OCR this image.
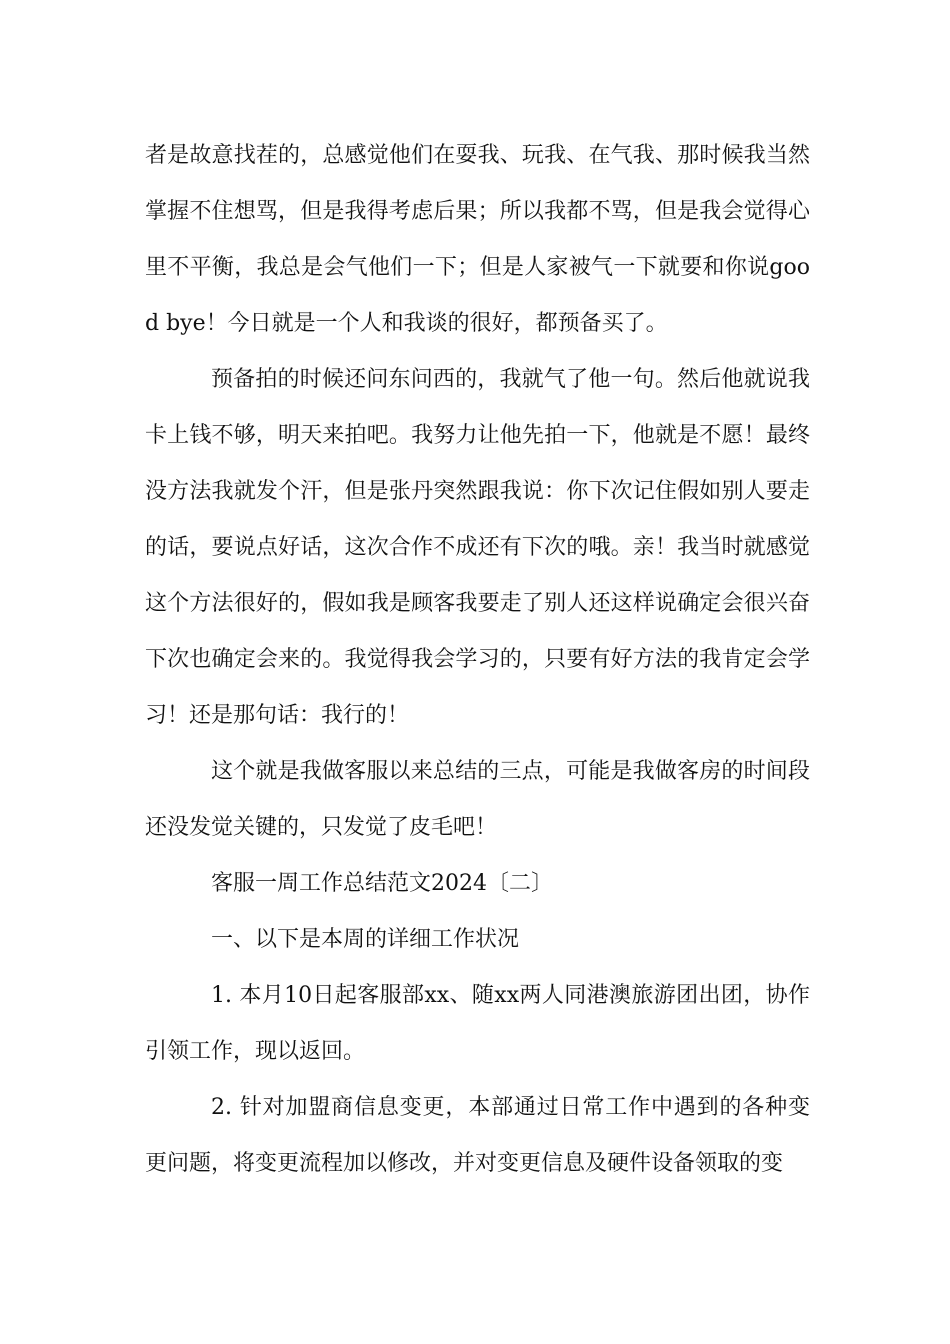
者是故意找茬的，总感觉他们在耍我、玩我、在气我、那时候我当然掌握不住想骂，但是我得考虑后果；所以我都不骂，但是我会觉得心里不平衡，我总是会气他们一下；但是人家被气一下就要和你说good bye！今日就是一个人和我谈的很好，都预备买了。

预备拍的时候还问东问西的，我就气了他一句。然后他就说我卡上钱不够，明天来拍吧。我努力让他先拍一下，他就是不愿！最终没方法我就发个汗，但是张丹突然跟我说：你下次记住假如别人要走的话，要说点好话，这次合作不成还有下次的哦。亲！我当时就感觉这个方法很好的，假如我是顾客我要走了别人还这样说确定会很兴奋下次也确定会来的。我觉得我会学习的，只要有好方法的我肯定会学习！还是那句话：我行的！

这个就是我做客服以来总结的三点，可能是我做客房的时间段还没发觉关键的，只发觉了皮毛吧！

客服一周工作总结范文2024〔二〕

一、以下是本周的详细工作状况

1. 本月10日起客服部xx、随xx两人同港澳旅游团出团，协作引领工作，现以返回。

2. 针对加盟商信息变更，本部通过日常工作中遇到的各种变更问题，将变更流程加以修改，并对变更信息及硬件设备领取的变
